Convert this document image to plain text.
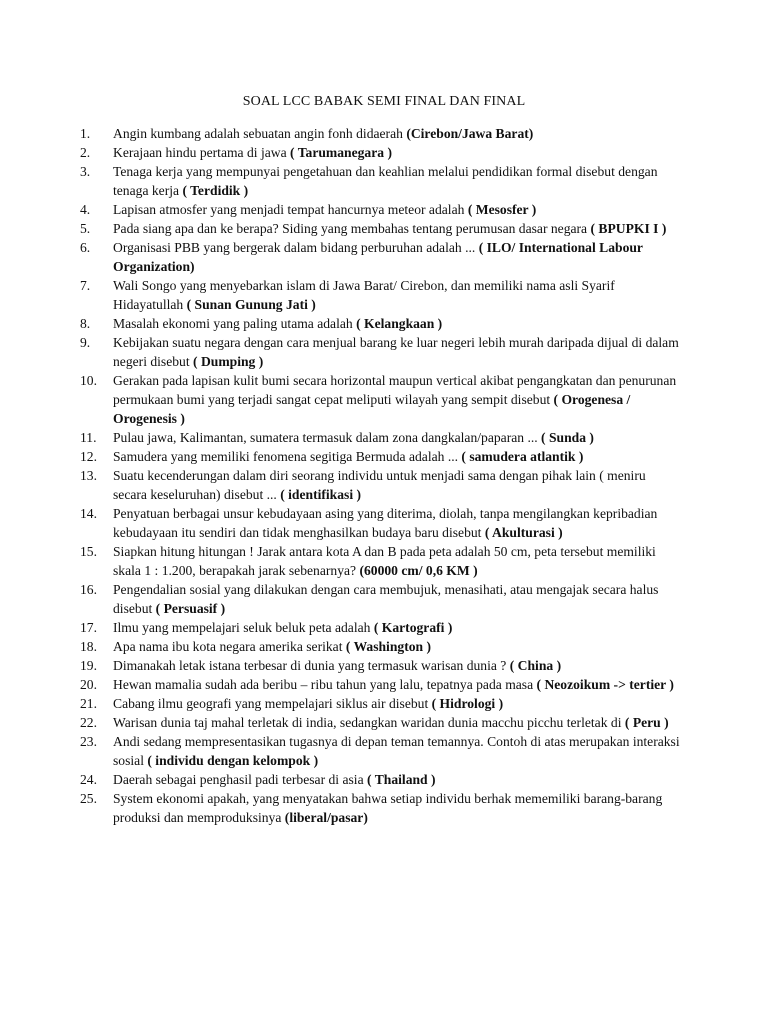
SOAL LCC BABAK SEMI FINAL DAN FINAL
1.	Angin kumbang adalah sebuatan angin fonh didaerah (Cirebon/Jawa Barat)
2.	Kerajaan hindu pertama di jawa ( Tarumanegara )
3.	Tenaga kerja yang mempunyai pengetahuan dan keahlian melalui pendidikan formal disebut dengan tenaga kerja ( Terdidik )
4.	Lapisan atmosfer yang menjadi tempat hancurnya meteor adalah ( Mesosfer )
5.	Pada siang apa dan ke berapa? Siding yang membahas tentang perumusan dasar negara ( BPUPKI I )
6.	Organisasi PBB yang bergerak dalam bidang perburuhan adalah ... ( ILO/ International Labour Organization)
7.	Wali Songo yang menyebarkan islam di Jawa Barat/ Cirebon, dan memiliki nama asli Syarif Hidayatullah ( Sunan Gunung Jati )
8.	Masalah ekonomi yang paling utama adalah ( Kelangkaan )
9.	Kebijakan suatu negara dengan cara menjual barang ke luar negeri lebih murah daripada dijual di dalam negeri disebut ( Dumping )
10.	Gerakan pada lapisan kulit bumi secara horizontal maupun vertical akibat pengangkatan dan penurunan permukaan bumi yang terjadi sangat cepat meliputi wilayah yang sempit disebut ( Orogenesa / Orogenesis )
11.	Pulau jawa, Kalimantan, sumatera termasuk dalam zona dangkalan/paparan ... ( Sunda )
12.	Samudera yang memiliki fenomena segitiga Bermuda adalah ... ( samudera atlantik )
13.	Suatu kecenderungan dalam diri seorang individu untuk menjadi sama dengan pihak lain ( meniru secara keseluruhan) disebut ... ( identifikasi )
14.	Penyatuan berbagai unsur kebudayaan asing yang diterima, diolah, tanpa mengilangkan kepribadian kebudayaan itu sendiri dan tidak menghasilkan budaya baru disebut ( Akulturasi )
15.	Siapkan hitung hitungan ! Jarak antara kota A dan B pada peta adalah 50 cm, peta tersebut memiliki skala 1 : 1.200, berapakah jarak sebenarnya? (60000 cm/ 0,6 KM )
16.	Pengendalian sosial yang dilakukan dengan cara membujuk, menasihati, atau mengajak secara halus disebut ( Persuasif )
17.	Ilmu yang mempelajari seluk beluk peta adalah ( Kartografi )
18.	Apa nama ibu kota negara amerika serikat ( Washington )
19.	Dimanakah letak istana terbesar di dunia yang termasuk warisan dunia ? ( China )
20.	Hewan mamalia sudah ada beribu – ribu tahun yang lalu, tepatnya pada masa ( Neozoikum -> tertier )
21.	Cabang ilmu geografi yang mempelajari siklus air disebut ( Hidrologi )
22.	Warisan dunia taj mahal terletak di india, sedangkan waridan dunia macchu picchu terletak di ( Peru )
23.	Andi sedang mempresentasikan tugasnya di depan teman temannya. Contoh di atas merupakan interaksi sosial ( individu dengan kelompok )
24.	Daerah sebagai penghasil padi terbesar di asia ( Thailand )
25.	System ekonomi apakah, yang menyatakan bahwa setiap individu berhak mememiliki barang-barang produksi dan memproduksinya (liberal/pasar)
